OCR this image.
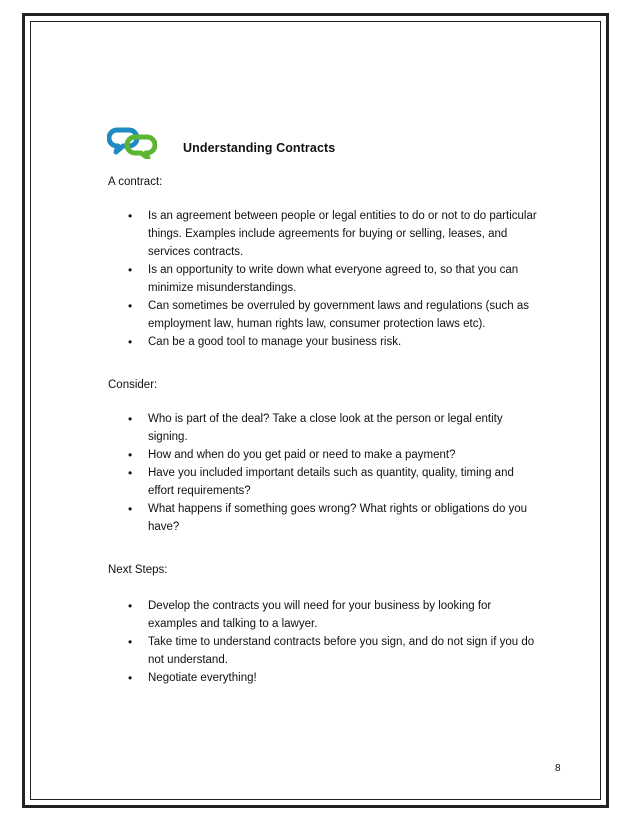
Understanding Contracts
A contract:
• Is an agreement between people or legal entities to do or not to do particular things. Examples include agreements for buying or selling, leases, and services contracts.
• Is an opportunity to write down what everyone agreed to, so that you can minimize misunderstandings.
• Can sometimes be overruled by government laws and regulations (such as employment law, human rights law, consumer protection laws etc).
• Can be a good tool to manage your business risk.
Consider:
• Who is part of the deal? Take a close look at the person or legal entity signing.
• How and when do you get paid or need to make a payment?
• Have you included important details such as quantity, quality, timing and effort requirements?
• What happens if something goes wrong? What rights or obligations do you have?
Next Steps:
• Develop the contracts you will need for your business by looking for examples and talking to a lawyer.
• Take time to understand contracts before you sign, and do not sign if you do not understand.
• Negotiate everything!
8
